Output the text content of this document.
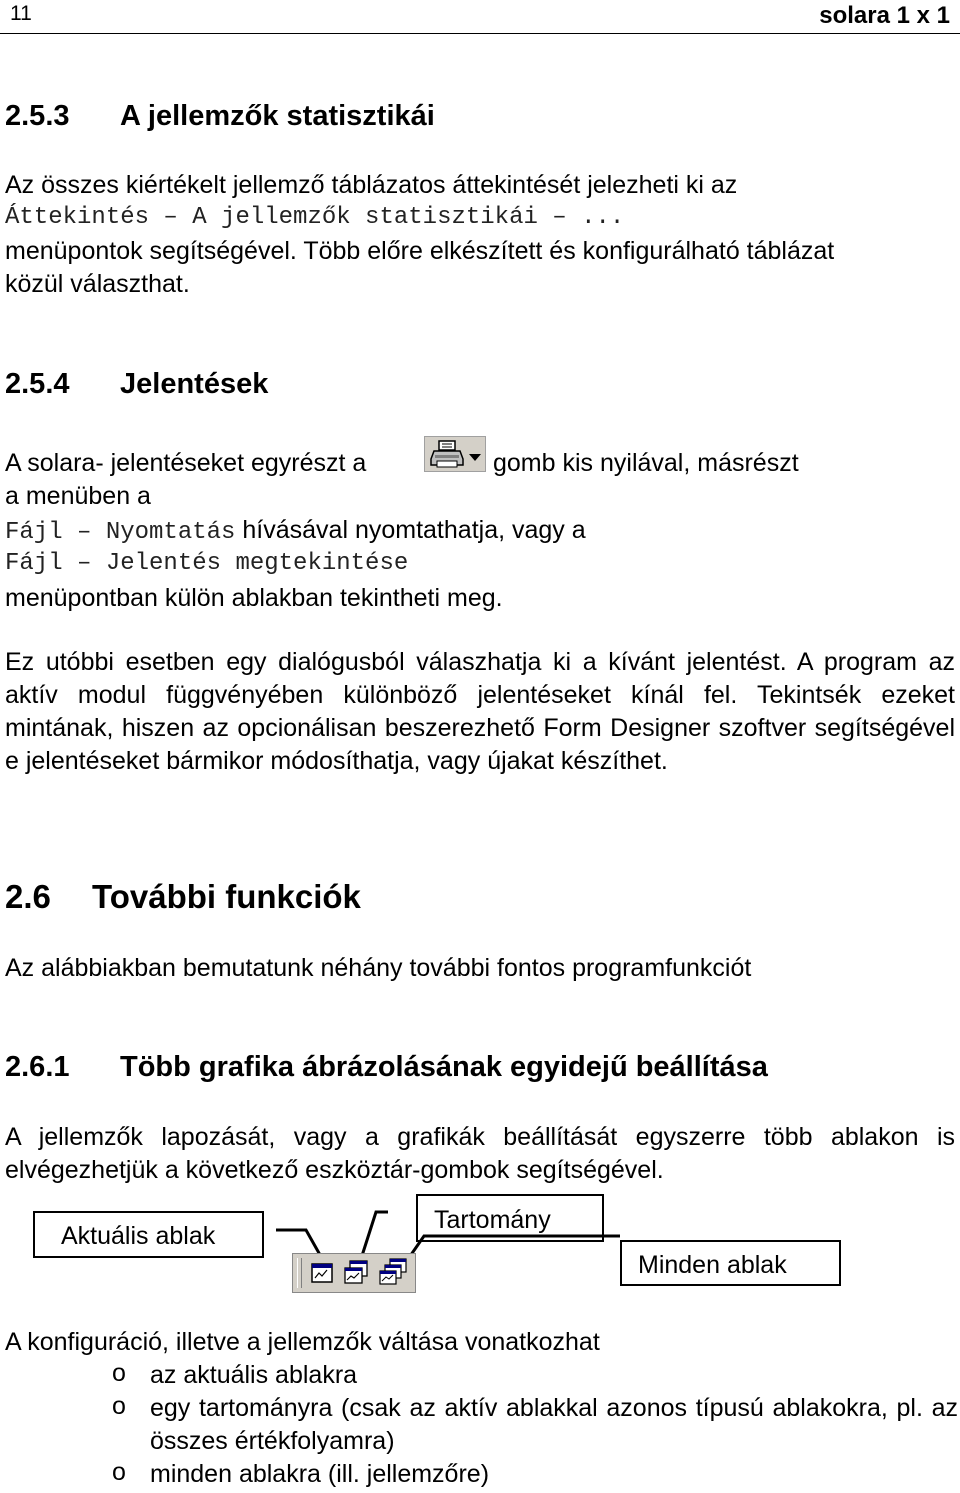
11	solara 1 x 1
2.5.3 A jellemzők statisztikái
Az összes kiértékelt jellemző táblázatos áttekintését jelezheti ki az
Áttekintés – A jellemzők statisztikái – ...
menüpontok segítségével. Több előre elkészített és konfigurálható táblázat
közül választhat.
2.5.4 Jelentések
A solara- jelentéseket egyrészt a	gomb kis nyilával, másrészt
a menüben a
Fájl – Nyomtatás hívásával nyomtathatja, vagy a
Fájl – Jelentés megtekintése
menüpontban külön ablakban tekintheti meg.
Ez utóbbi esetben egy dialógusból válaszhatja ki a kívánt jelentést. A program az aktív modul függvényében különböző jelentéseket kínál fel. Tekintsék ezeket mintának, hiszen az opcionálisan beszerezhető Form Designer szoftver segítségével e jelentéseket bármikor módosíthatja, vagy újakat készíthet.
2.6 További funkciók
Az alábbiakban bemutatunk néhány további fontos programfunkciót
2.6.1 Több grafika ábrázolásának egyidejű beállítása
A jellemzők lapozását, vagy a grafikák beállítását egyszerre több ablakon is elvégezhetjük a következő eszköztár-gombok segítségével.
Aktuális ablak
Tartomány
Minden ablak
A konfiguráció, illetve a jellemzők váltása vonatkozhat
o az aktuális ablakra
o egy tartományra (csak az aktív ablakkal azonos típusú ablakokra, pl. az összes értékfolyamra)
o minden ablakra (ill. jellemzőre)
